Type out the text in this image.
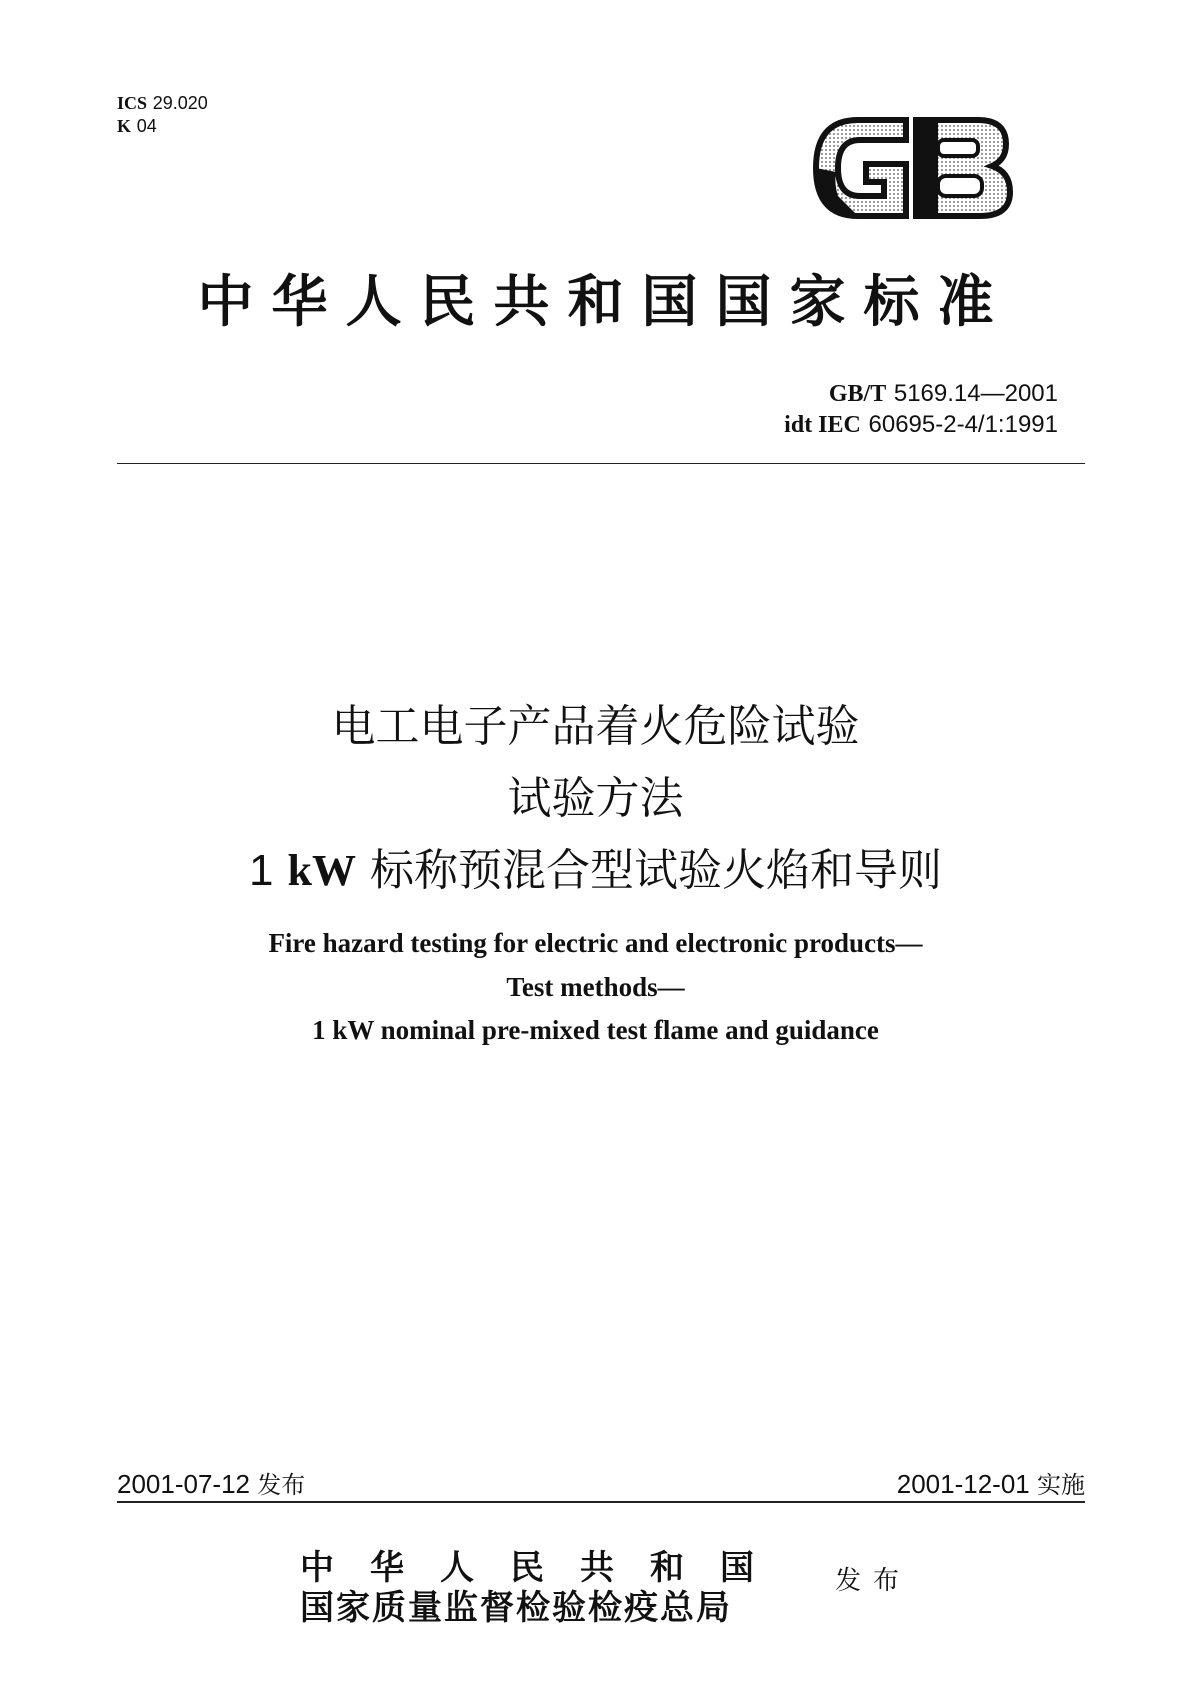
ICS 29.020
K 04
中华人民共和国国家标准
GB/T 5169.14—2001
idt IEC 60695-2-4/1:1991
电工电子产品着火危险试验
试验方法
1 kW 标称预混合型试验火焰和导则
Fire hazard testing for electric and electronic products—
Test methods—
1 kW nominal pre-mixed test flame and guidance
2001-07-12 发布	2001-12-01 实施
中华人民共和国
国家质量监督检验检疫总局
发布
